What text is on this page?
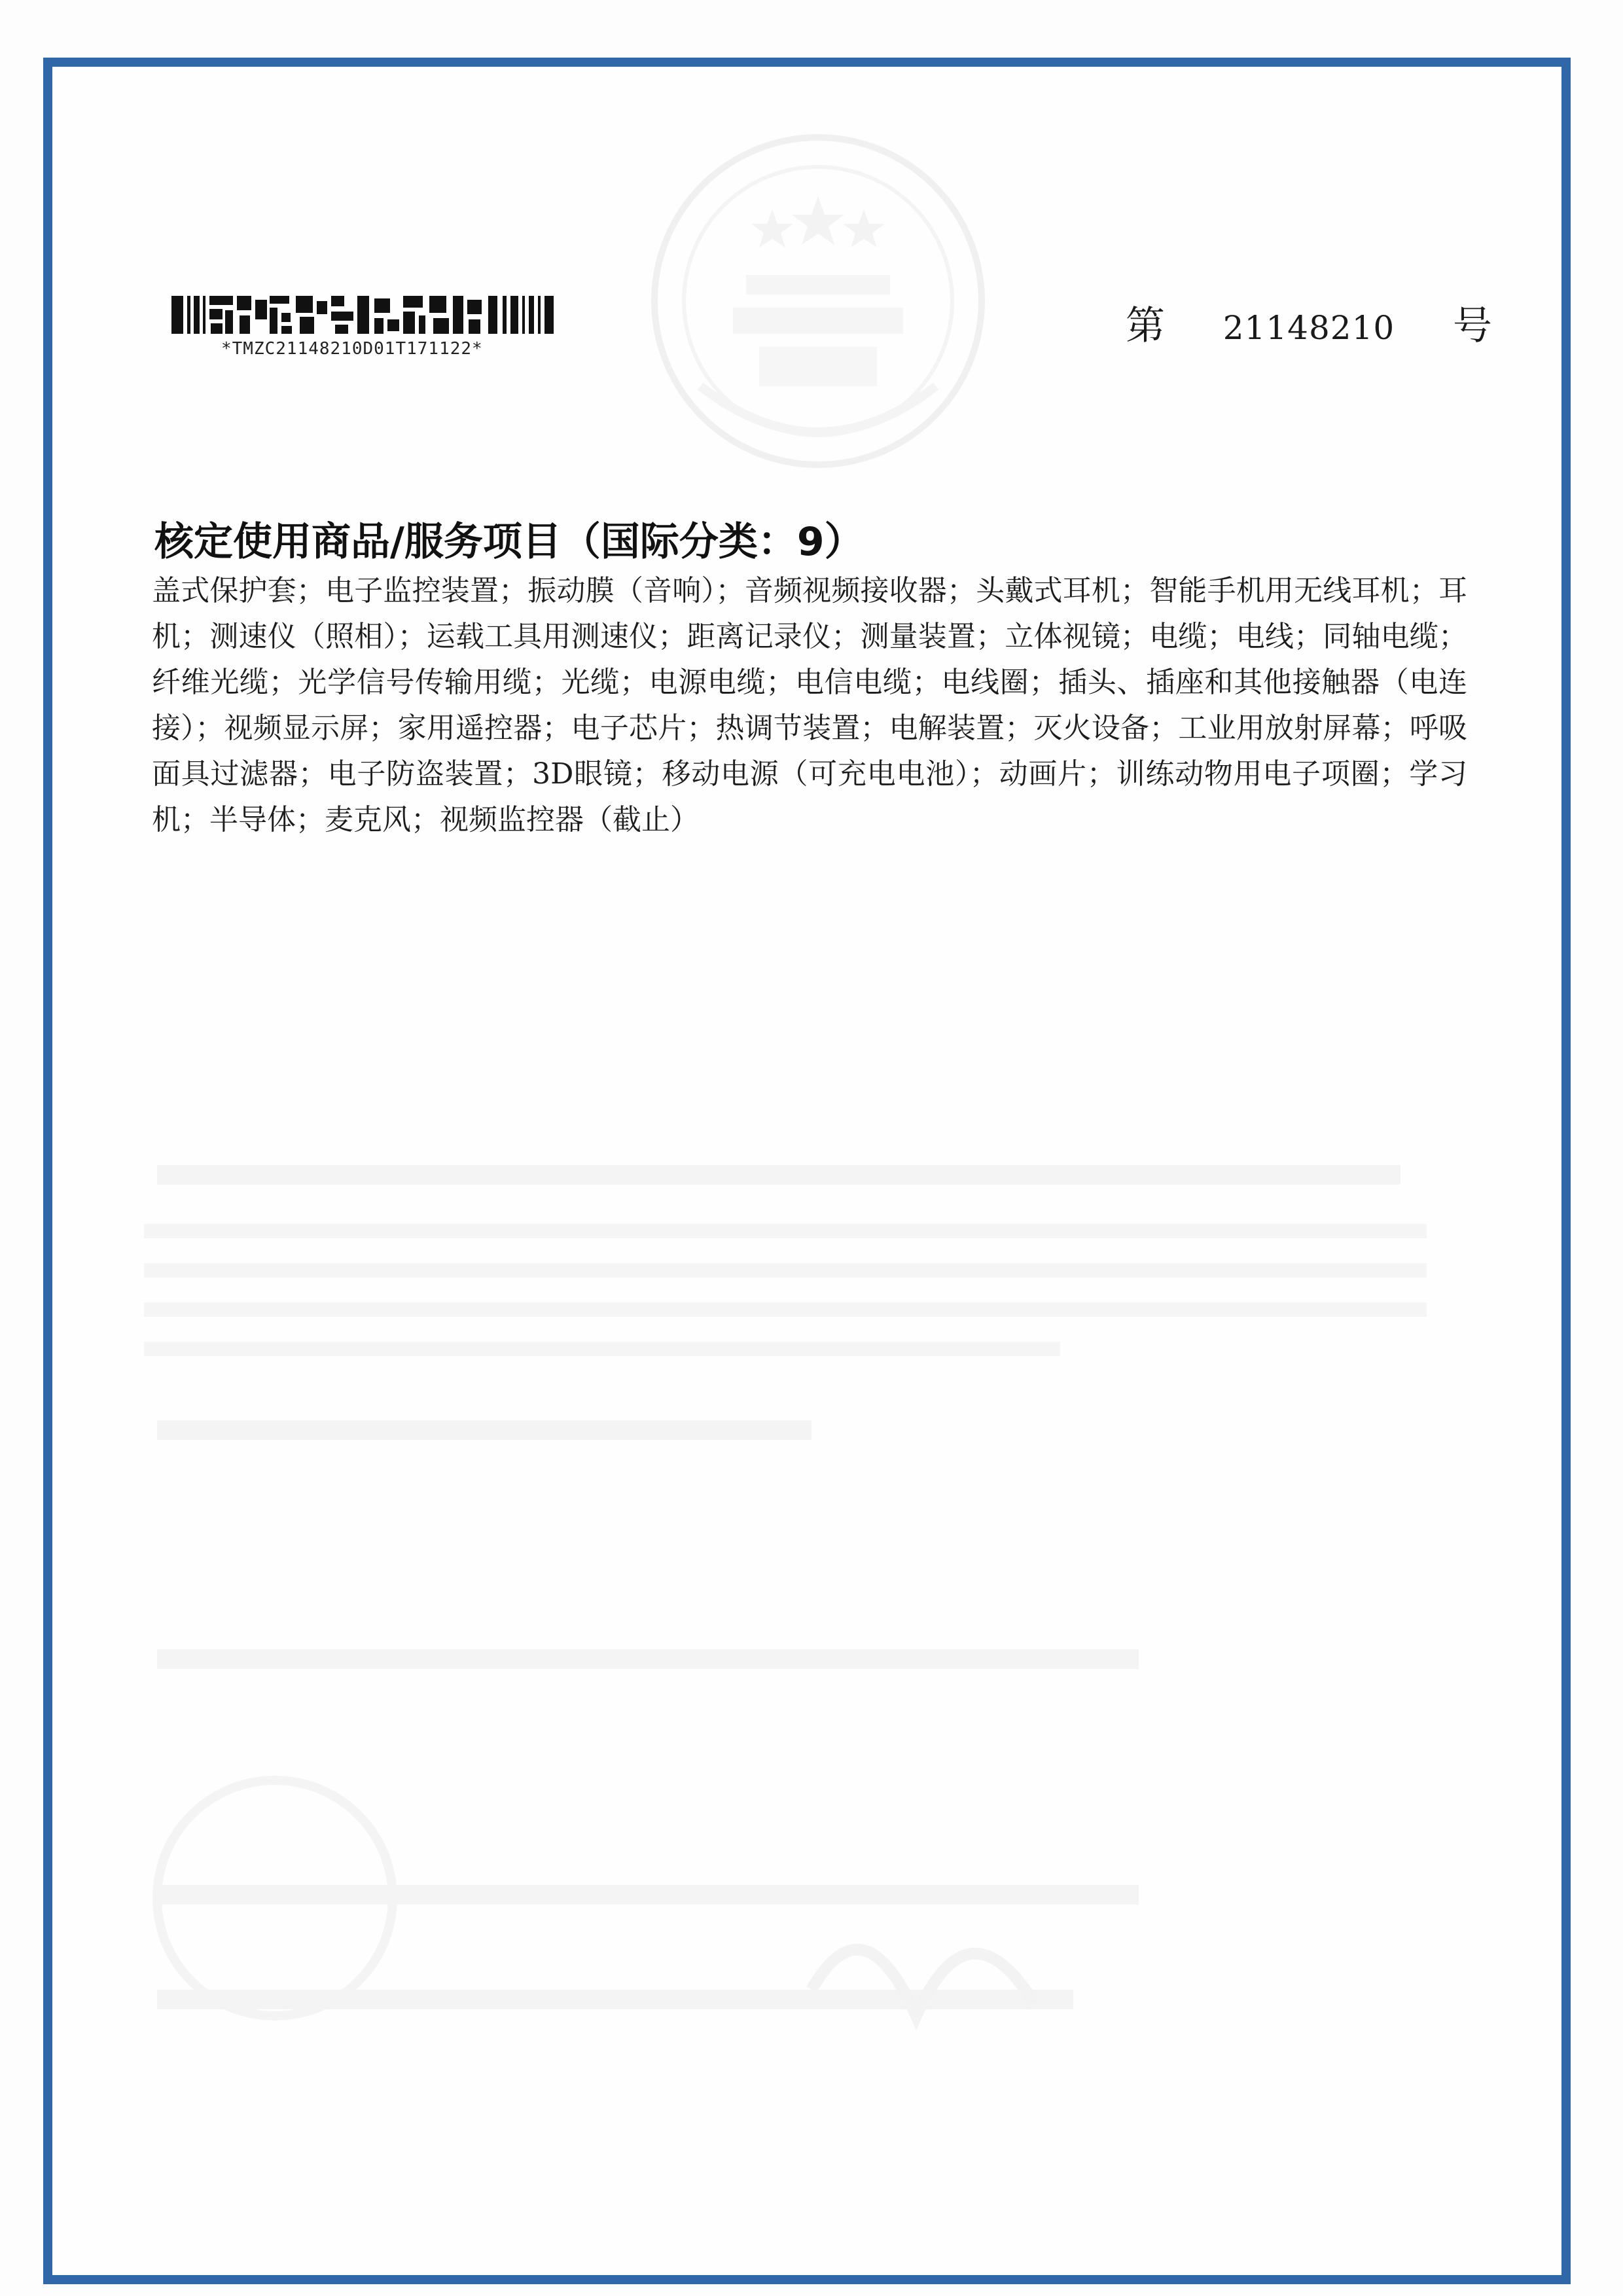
*TMZC21148210D01T171122*	第 21148210 号
核定使用商品/服务项目（国际分类：9）
盖式保护套；电子监控装置；振动膜（音响）；音频视频接收器；头戴式耳机；智能手机用无线耳机；耳机；测速仪（照相）；运载工具用测速仪；距离记录仪；测量装置；立体视镜；电缆；电线；同轴电缆；纤维光缆；光学信号传输用缆；光缆；电源电缆；电信电缆；电线圈；插头、插座和其他接触器（电连接）；视频显示屏；家用遥控器；电子芯片；热调节装置；电解装置；灭火设备；工业用放射屏幕；呼吸面具过滤器；电子防盗装置；3D眼镜；移动电源（可充电电池）；动画片；训练动物用电子项圈；学习机；半导体；麦克风；视频监控器（截止）
